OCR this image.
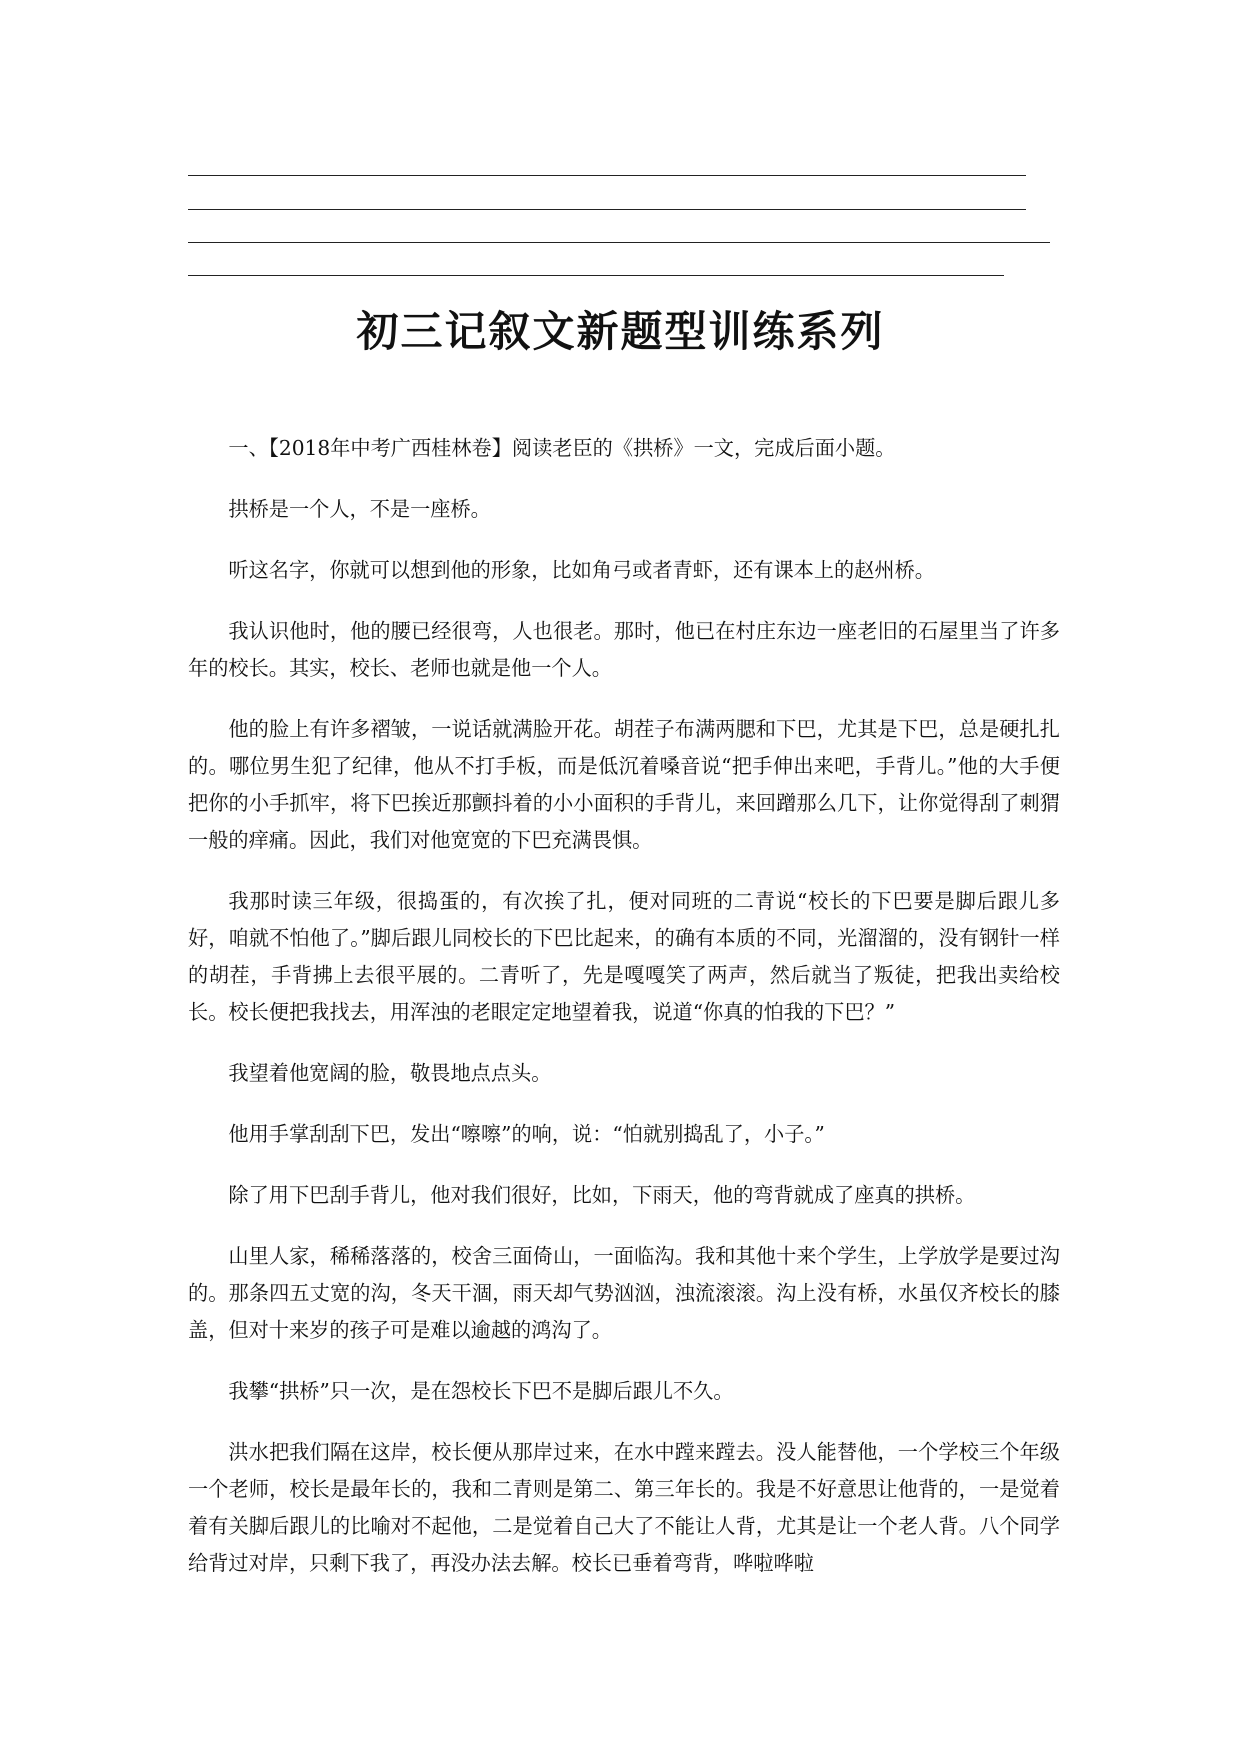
初三记叙文新题型训练系列

一、【2018年中考广西桂林卷】阅读老臣的《拱桥》一文，完成后面小题。

拱桥是一个人，不是一座桥。

听这名字，你就可以想到他的形象，比如角弓或者青虾，还有课本上的赵州桥。

我认识他时，他的腰已经很弯，人也很老。那时，他已在村庄东边一座老旧的石屋里当了许多年的校长。其实，校长、老师也就是他一个人。

他的脸上有许多褶皱，一说话就满脸开花。胡茬子布满两腮和下巴，尤其是下巴，总是硬扎扎的。哪位男生犯了纪律，他从不打手板，而是低沉着嗓音说“把手伸出来吧，手背儿。”他的大手便把你的小手抓牢，将下巴挨近那颤抖着的小小面积的手背儿，来回蹭那么几下，让你觉得刮了刺猬一般的痒痛。因此，我们对他宽宽的下巴充满畏惧。

我那时读三年级，很捣蛋的，有次挨了扎，便对同班的二青说“校长的下巴要是脚后跟儿多好，咱就不怕他了。”脚后跟儿同校长的下巴比起来，的确有本质的不同，光溜溜的，没有钢针一样的胡茬，手背拂上去很平展的。二青听了，先是嘎嘎笑了两声，然后就当了叛徒，把我出卖给校长。校长便把我找去，用浑浊的老眼定定地望着我，说道“你真的怕我的下巴？”

我望着他宽阔的脸，敬畏地点点头。

他用手掌刮刮下巴，发出“嚓嚓”的响，说：“怕就别捣乱了，小子。”

除了用下巴刮手背儿，他对我们很好，比如，下雨天，他的弯背就成了座真的拱桥。

山里人家，稀稀落落的，校舍三面倚山，一面临沟。我和其他十来个学生，上学放学是要过沟的。那条四五丈宽的沟，冬天干涸，雨天却气势汹汹，浊流滚滚。沟上没有桥，水虽仅齐校长的膝盖，但对十来岁的孩子可是难以逾越的鸿沟了。

我攀“拱桥”只一次，是在怨校长下巴不是脚后跟儿不久。

洪水把我们隔在这岸，校长便从那岸过来，在水中蹚来蹚去。没人能替他，一个学校三个年级一个老师，校长是最年长的，我和二青则是第二、第三年长的。我是不好意思让他背的，一是觉着着有关脚后跟儿的比喻对不起他，二是觉着自己大了不能让人背，尤其是让一个老人背。八个同学给背过对岸，只剩下我了，再没办法去解。校长已垂着弯背，哗啦哗啦
